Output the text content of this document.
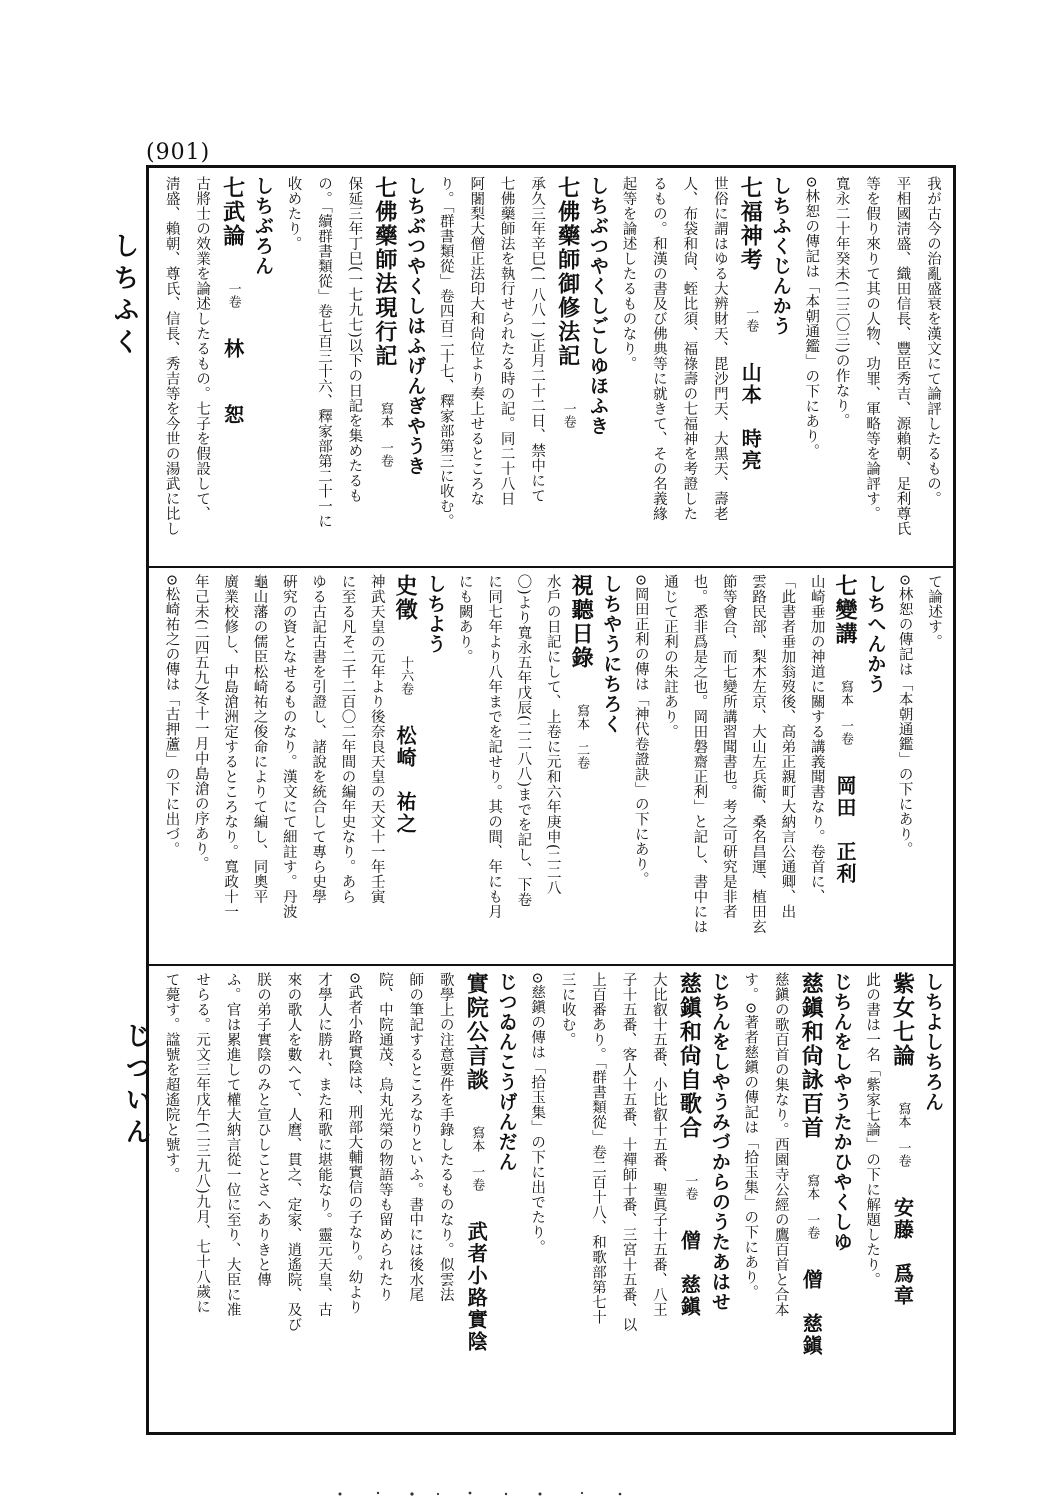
(901)
しちふく
じついん
我が古今の治亂盛衰を漢文にて論評したるもの。
平相國淸盛、織田信長、豐臣秀吉、源賴朝、足利尊氏
等を假り來りて其の人物、功罪、軍略等を論評す。
寬永二十年癸未(二三〇三)の作なり。
⊙林恕の傳記は「本朝通鑑」の下にあり。
しちふくじんかう
七福神考一卷山本　時亮
世俗に謂はゆる大辨財天、毘沙門天、大黑天、壽老
人、布袋和尙、蛭比須、福祿壽の七福神を考證した
るもの。和漢の書及び佛典等に就きて、その名義緣
起等を論述したるものなり。
しちぶつやくしごしゆほふき
七佛藥師御修法記一卷
承久三年辛巳(一八八一)正月二十二日、禁中にて
七佛藥師法を執行せられたる時の記。同二十八日
阿闍梨大僧正法印大和尙位より奏上せるところな
り。「群書類從」卷四百二十七、釋家部第三に收む。
しちぶつやくしはふげんぎやうき
七佛藥師法現行記寫本　一卷
保延三年丁巳(一七九七)以下の日記を集めたるも
の。「續群書類從」卷七百三十六、釋家部第二十一に
收めたり。
しちぶろん
七武論一卷林　　恕
古將士の效業を論述したるもの。七子を假設して、
淸盛、賴朝、尊氏、信長、秀吉等を今世の湯武に比し
て論述す。
⊙林恕の傳記は「本朝通鑑」の下にあり。
しちへんかう
七變講寫本　一卷岡田　正利
山崎垂加の神道に關する講義聞書なり。卷首に、
「此書者垂加翁歿後、高弟正親町大納言公通卿、出
雲路民部、梨木左京、大山左兵衞、桑名昌運、植田玄
節等會合、而七變所講習聞書也。考之可研究是非者
也。悉非爲是之也。岡田磐齋正利」と記し、書中には
通じて正利の朱註あり。
⊙岡田正利の傳は「神代卷證訣」の下にあり。
しちやうにちろく
視聽日錄寫本　二卷
水戶の日記にして、上卷に元和六年庚申(二二八
〇)より寬永五年戊辰(二二八八)までを記し、下卷
に同七年より八年までを記せり。其の間、年にも月
にも闕あり。
しちよう
史徵十六卷松崎　祐之
神武天皇の元年より後奈良天皇の天文十一年壬寅
に至る凡そ二千二百〇二年間の編年史なり。あら
ゆる古記古書を引證し、諸說を統合して專ら史學
硏究の資となせるものなり。漢文にて細註す。丹波
龜山藩の儒臣松崎祐之俊命によりて編し、同奧平
廣業校修し、中島滄洲定するところなり。寬政十一
年己未(二四五九)冬十一月中島滄の序あり。
⊙松崎祐之の傳は「古押蘆」の下に出づ。
しちよしちろん
紫女七論寫本　一卷安藤　爲章
此の書は一名「紫家七論」の下に解題したり。
じちんをしやうたかひやくしゆ
慈鎭和尙詠百首寫本　一卷僧　慈鎭
慈鎭の歌百首の集なり。西園寺公經の鷹百首と合本
す。⊙著者慈鎭の傳記は「拾玉集」の下にあり。
じちんをしやうみづからのうたあはせ
慈鎭和尙自歌合一卷僧　慈鎭
大比叡十五番、小比叡十五番、聖眞子十五番、八王
子十五番、客人十五番、十禪師十番、三宮十五番、以
上百番あり。「群書類從」卷二百十八、和歌部第七十
三に收む。
⊙慈鎭の傳は「拾玉集」の下に出でたり。
じつゐんこうげんだん
實院公言談寫本　一卷武者小路實陰
歌學上の注意要件を手錄したるものなり。似雲法
師の筆記するところなりといふ。書中には後水尾
院、中院通茂、烏丸光榮の物語等も留められたり
⊙武者小路實陰は、刑部大輔實信の子なり。幼より
才學人に勝れ、また和歌に堪能なり。靈元天皇、古
來の歌人を數へて、人麿、貫之、定家、逍遙院、及び
朕の弟子實陰のみと宣ひしことさへありきと傳
ふ。官は累進して權大納言從一位に至り、大臣に准
せらる。元文三年戊午(二三九八)九月、七十八歲に
て薨す。諡號を超遙院と號す。
